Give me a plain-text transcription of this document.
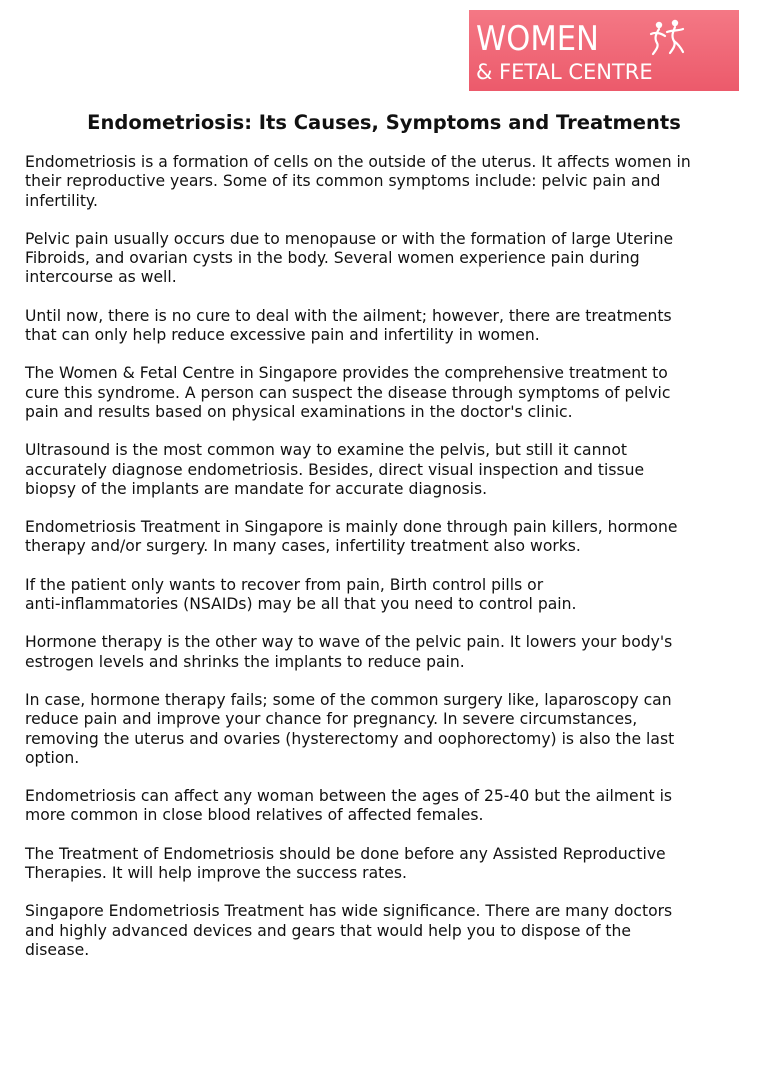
WOMEN
& FETAL CENTRE
Endometriosis: Its Causes, Symptoms and Treatments

Endometriosis is a formation of cells on the outside of the uterus. It affects women in
their reproductive years. Some of its common symptoms include: pelvic pain and
infertility.

Pelvic pain usually occurs due to menopause or with the formation of large Uterine
Fibroids, and ovarian cysts in the body. Several women experience pain during
intercourse as well.

Until now, there is no cure to deal with the ailment; however, there are treatments
that can only help reduce excessive pain and infertility in women.

The Women & Fetal Centre in Singapore provides the comprehensive treatment to
cure this syndrome. A person can suspect the disease through symptoms of pelvic
pain and results based on physical examinations in the doctor's clinic.

Ultrasound is the most common way to examine the pelvis, but still it cannot
accurately diagnose endometriosis. Besides, direct visual inspection and tissue
biopsy of the implants are mandate for accurate diagnosis.

Endometriosis Treatment in Singapore is mainly done through pain killers, hormone
therapy and/or surgery. In many cases, infertility treatment also works.

If the patient only wants to recover from pain, Birth control pills or
anti-inflammatories (NSAIDs) may be all that you need to control pain.

Hormone therapy is the other way to wave of the pelvic pain. It lowers your body's
estrogen levels and shrinks the implants to reduce pain.

In case, hormone therapy fails; some of the common surgery like, laparoscopy can
reduce pain and improve your chance for pregnancy. In severe circumstances,
removing the uterus and ovaries (hysterectomy and oophorectomy) is also the last
option.

Endometriosis can affect any woman between the ages of 25-40 but the ailment is
more common in close blood relatives of affected females.

The Treatment of Endometriosis should be done before any Assisted Reproductive
Therapies. It will help improve the success rates.

Singapore Endometriosis Treatment has wide significance. There are many doctors
and highly advanced devices and gears that would help you to dispose of the
disease.
